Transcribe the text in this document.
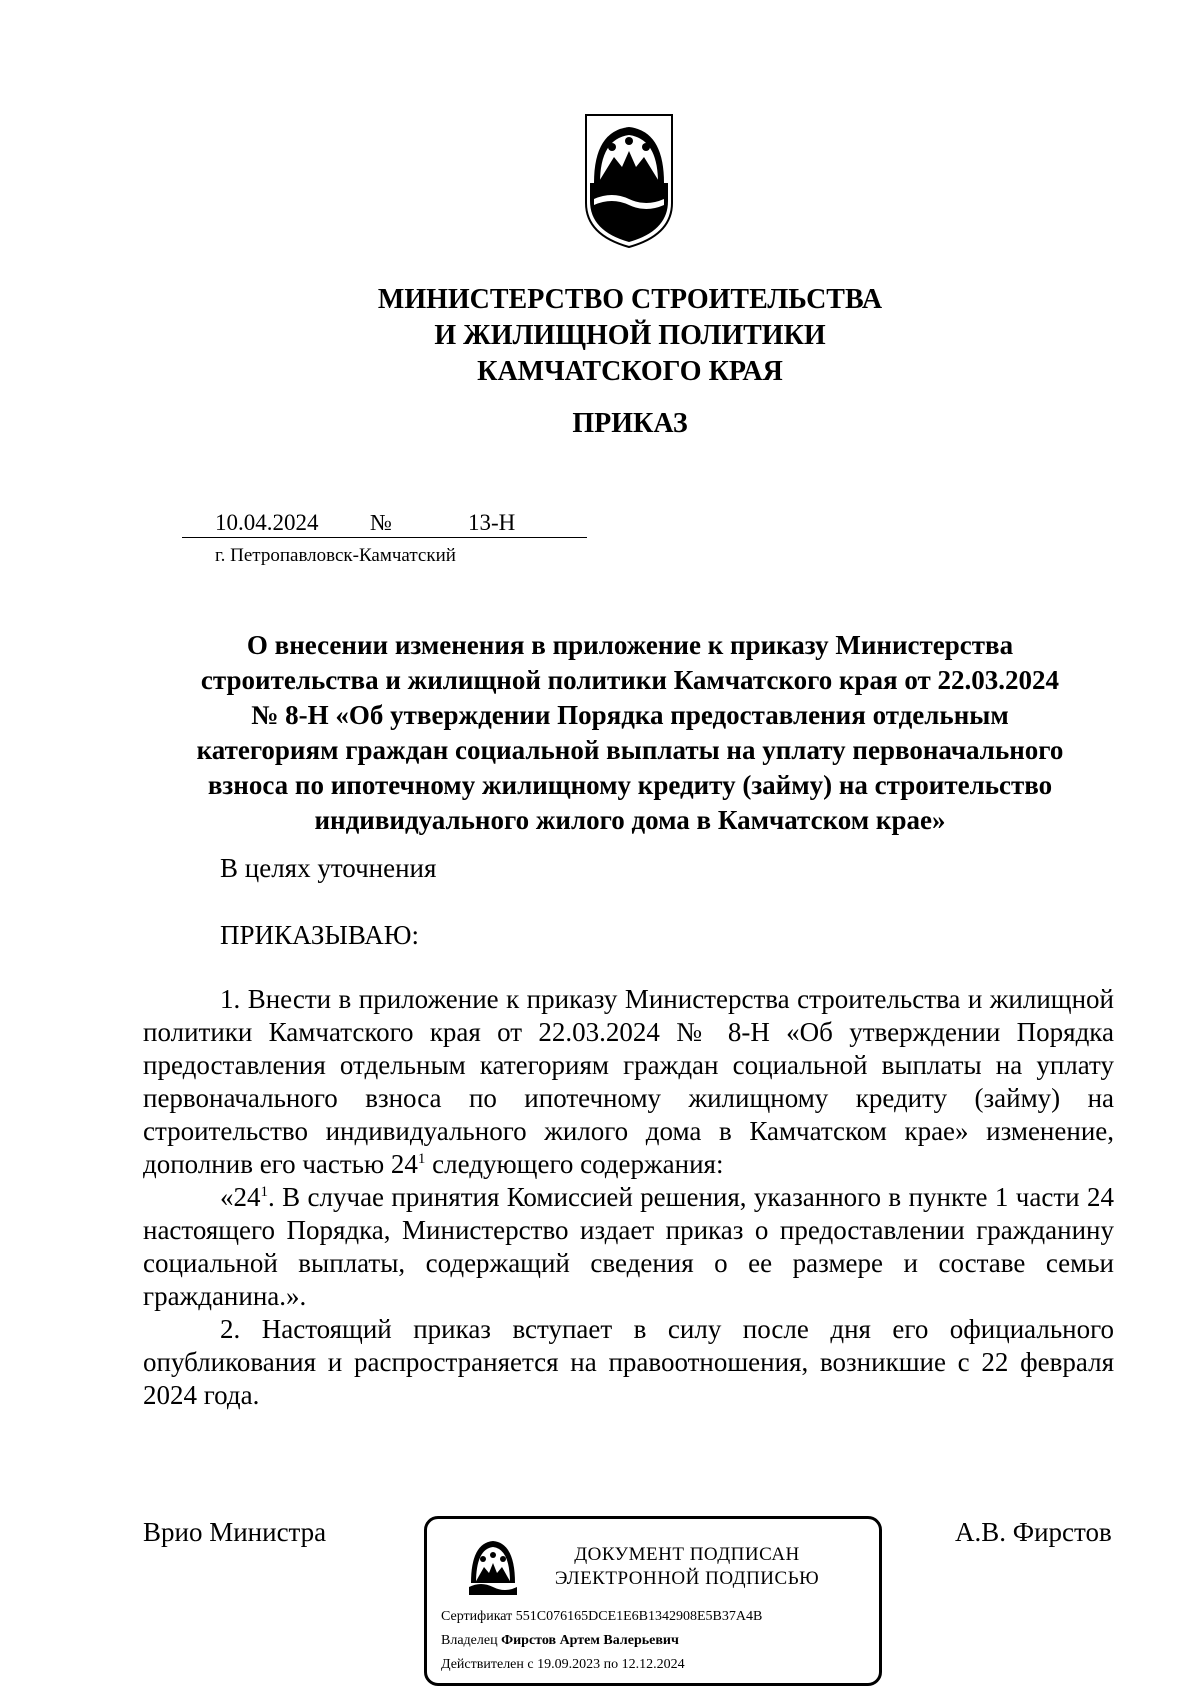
МИНИСТЕРСТВО СТРОИТЕЛЬСТВА
И ЖИЛИЩНОЙ ПОЛИТИКИ
КАМЧАТСКОГО КРАЯ
ПРИКАЗ
10.04.2024 №	13-Н
г. Петропавловск-Камчатский
О внесении изменения в приложение к приказу Министерства
строительства и жилищной политики Камчатского края от 22.03.2024
№ 8-Н «Об утверждении Порядка предоставления отдельным
категориям граждан социальной выплаты на уплату первоначального
взноса по ипотечному жилищному кредиту (займу) на строительство
индивидуального жилого дома в Камчатском крае»
В целях уточнения
ПРИКАЗЫВАЮ:

1. Внести в приложение к приказу Министерства строительства и жилищной политики Камчатского края от 22.03.2024 № 8-Н «Об утверждении Порядка предоставления отдельным категориям граждан социальной выплаты на уплату первоначального взноса по ипотечному жилищному кредиту (займу) на строительство индивидуального жилого дома в Камчатском крае» изменение, дополнив его частью $24^1$ следующего содержания:

«$24^1$. В случае принятия Комиссией решения, указанного в пункте 1 части 24 настоящего Порядка, Министерство издает приказ о предоставлении гражданину социальной выплаты, содержащий сведения о ее размере и составе семьи гражданина.».

2. Настоящий приказ вступает в силу после дня его официального опубликования и распространяется на правоотношения, возникшие с 22 февраля 2024 года.

Врио Министра	А.В. Фирстов
ДОКУМЕНТ ПОДПИСАН
ЭЛЕКТРОННОЙ ПОДПИСЬЮ
Сертификат 551C076165DCE1E6B1342908E5B37A4B
Владелец Фирстов Артем Валерьевич
Действителен с 19.09.2023 по 12.12.2024
